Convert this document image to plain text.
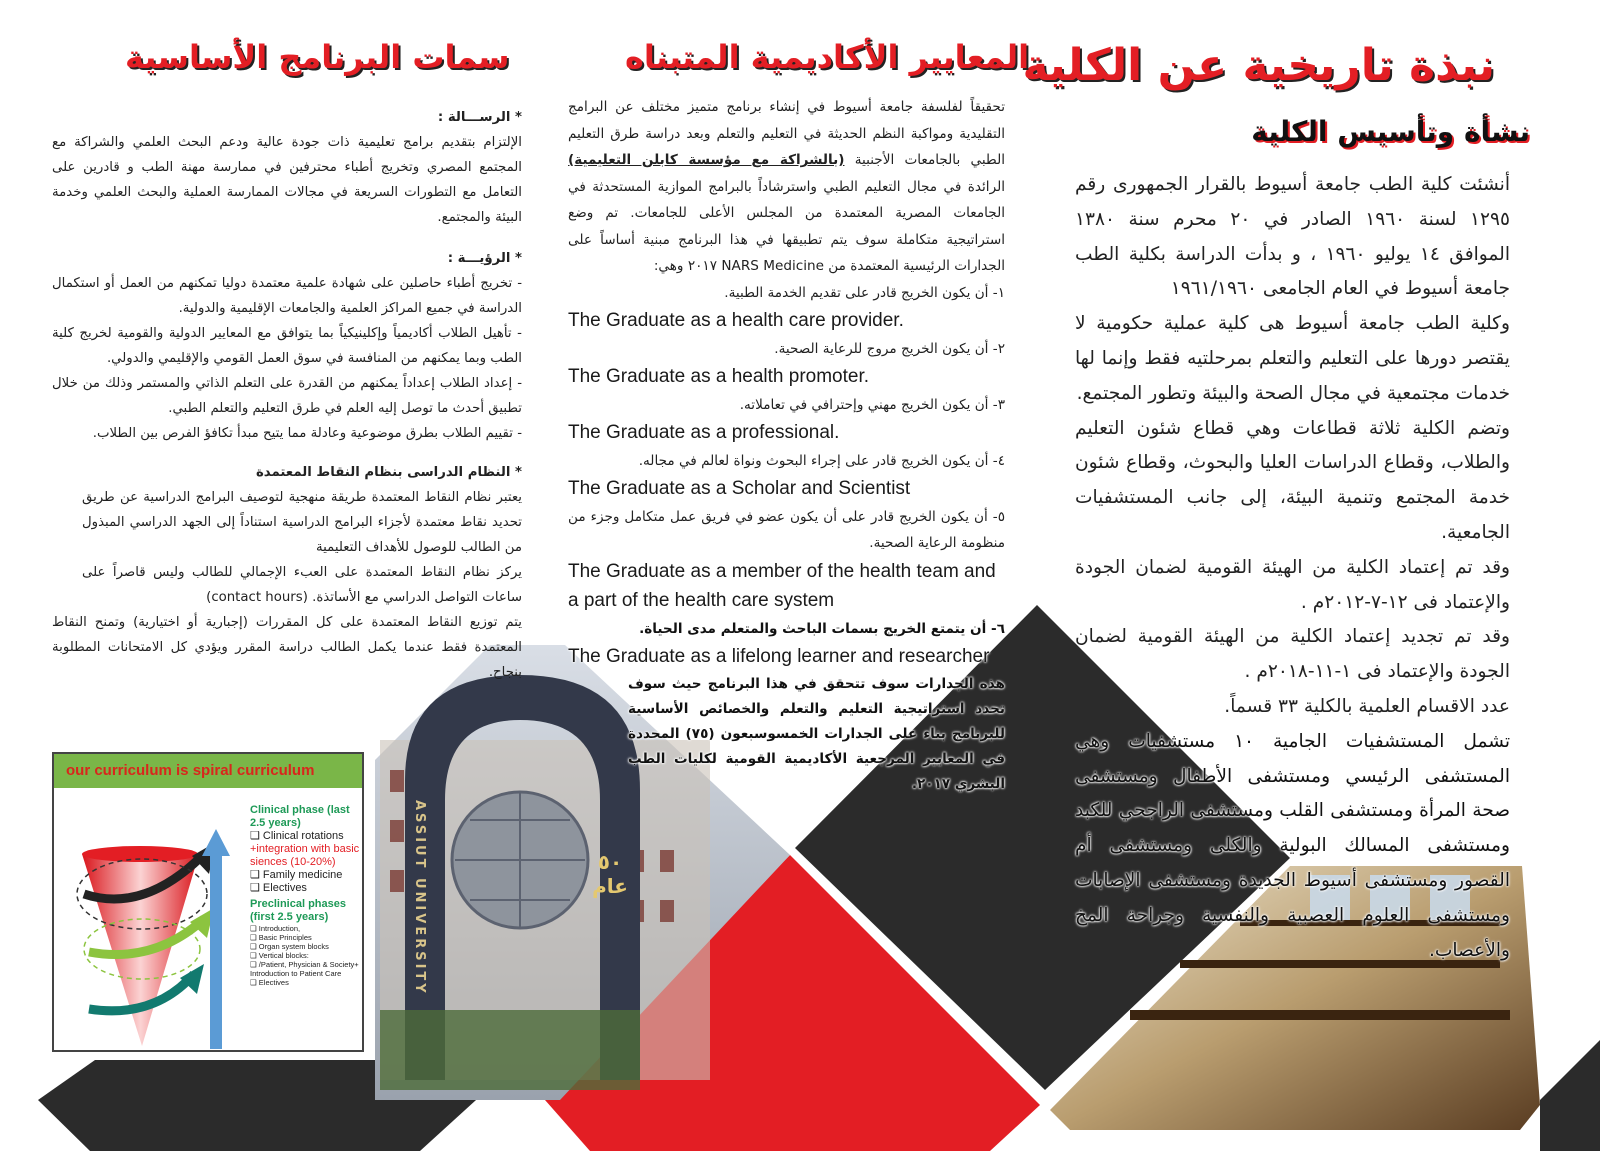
نبذة تاريخية عن الكلية
نشأة وتأسيس الكلية

أنشئت كلية الطب جامعة أسيوط بالقرار الجمهورى رقم ١٢٩٥ لسنة ١٩٦٠ الصادر في ٢٠ محرم سنة ١٣٨٠ الموافق ١٤ يوليو ١٩٦٠ ، و بدأت الدراسة بكلية الطب جامعة أسيوط في العام الجامعى ١٩٦١/١٩٦٠

وكلية الطب جامعة أسيوط هى كلية عملية حكومية لا يقتصر دورها على التعليم والتعلم بمرحلتيه فقط وإنما لها خدمات مجتمعية في مجال الصحة والبيئة وتطور المجتمع.

وتضم الكلية ثلاثة قطاعات وهي قطاع شئون التعليم والطلاب، وقطاع الدراسات العليا والبحوث، وقطاع شئون خدمة المجتمع وتنمية البيئة، إلى جانب المستشفيات الجامعية.

وقد تم إعتماد الكلية من الهيئة القومية لضمان الجودة والإعتماد فى ١٢-٧-٢٠١٢م .

وقد تم تجديد إعتماد الكلية من الهيئة القومية لضمان الجودة والإعتماد فى ١-١١-٢٠١٨م .

عدد الاقسام العلمية بالكلية ٣٣ قسماً.

تشمل المستشفيات الجامية ١٠ مستشفيات وهي المستشفى الرئيسي ومستشفى الأطفال ومستشفى صحة المرأة ومستشفى القلب ومستشفى الراجحي للكبد ومستشفى المسالك البولية والكلى ومستشفى أم القصور ومستشفى أسيوط الجديدة ومستشفى الإصابات ومستشفى العلوم العصبية والنفسية وجراحة المخ والأعصاب.

المعايير الأكاديمية المتبناه

تحقيقاً لفلسفة جامعة أسيوط في إنشاء برنامج متميز مختلف عن البرامج التقليدية ومواكبة النظم الحديثة في التعليم والتعلم وبعد دراسة طرق التعليم الطبي بالجامعات الأجنبية (بالشراكة مع مؤسسة كابلن التعليمية) الرائدة في مجال التعليم الطبي واسترشاداً بالبرامج الموازية المستحدثة في الجامعات المصرية المعتمدة من المجلس الأعلى للجامعات. تم وضع استراتيجية متكاملة سوف يتم تطبيقها في هذا البرنامج مبنية أساساً على الجدارات الرئيسية المعتمدة من NARS Medicine ٢٠١٧ وهي:

١- أن يكون الخريج قادر على تقديم الخدمة الطبية.

The Graduate as a health care provider.

٢- أن يكون الخريج مروج للرعاية الصحية.

The Graduate as a health promoter.

٣- أن يكون الخريج مهني وإحترافي في تعاملاته.

The Graduate as a professional.

٤- أن يكون الخريج قادر على إجراء البحوث ونواة لعالم في مجاله.

The Graduate as a Scholar and Scientist

٥- أن يكون الخريج قادر على أن يكون عضو في فريق عمل متكامل وجزء من منظومة الرعاية الصحية.

The Graduate as a member of the health team and a part of the health care system

٦- أن يتمتع الخريج بسمات الباحث والمتعلم مدى الحياة.

The Graduate as a lifelong learner and researcher

هذه الجدارات سوف تتحقق في هذا البرنامج حيث سوف تحدد استراتيجية التعليم والتعلم والخصائص الأساسية للبرنامج بناء على الجدارات الخمسوسبعون (٧٥) المحددة في المعايير المرجعية الأكاديمية القومية لكليات الطب البشري ٢٠١٧.

ASSIUT UNIVERSITY	٥٠ عام
سمات البرنامج الأساسية

* الرســـالة :

الإلتزام بتقديم برامج تعليمية ذات جودة عالية ودعم البحث العلمي والشراكة مع المجتمع المصري وتخريج أطباء محترفين في ممارسة مهنة الطب و قادرين على التعامل مع التطورات السريعة في مجالات الممارسة العملية والبحث العلمي وخدمة البيئة والمجتمع.

* الرؤيـــة :

- تخريج أطباء حاصلين على شهادة علمية معتمدة دوليا تمكنهم من العمل أو استكمال الدراسة في جميع المراكز العلمية والجامعات الإقليمية والدولية.

- تأهيل الطلاب أكاديمياً وإكلينيكياً بما يتوافق مع المعايير الدولية والقومية لخريج كلية الطب وبما يمكنهم من المنافسة في سوق العمل القومي والإقليمي والدولي.

- إعداد الطلاب إعداداً يمكنهم من القدرة على التعلم الذاتي والمستمر وذلك من خلال تطبيق أحدث ما توصل إليه العلم في طرق التعليم والتعلم الطبي.

- تقييم الطلاب بطرق موضوعية وعادلة مما يتيح مبدأ تكافؤ الفرص بين الطلاب.

* النظام الدراسى بنظام النقاط المعتمدة

يعتبر نظام النقاط المعتمدة طريقة منهجية لتوصيف البرامج الدراسية عن طريق تحديد نقاط معتمدة لأجزاء البرامج الدراسية استناداً إلى الجهد الدراسي المبذول من الطالب للوصول للأهداف التعليمية

يركز نظام النقاط المعتمدة على العبء الإجمالي للطالب وليس قاصراً على ساعات التواصل الدراسي مع الأساتذة. (contact hours)

يتم توزيع النقاط المعتمدة على كل المقررات (إجبارية أو اختيارية) وتمنح النقاط المعتمدة فقط عندما يكمل الطالب دراسة المقرر ويؤدي كل الامتحانات المطلوبة بنجاح.

our curriculum is spiral curriculum
Clinical phase (last 2.5 years)
❑ Clinical rotations
+integration with basic siences (10-20%)
❑ Family medicine
❑ Electives
Preclinical phases (first 2.5 years)
❑ Introduction,
❑ Basic Principles
❑ Organ system blocks
❑ Vertical blocks:
❑ /Patient, Physician & Society+ Introduction to Patient Care
❑ Electives
